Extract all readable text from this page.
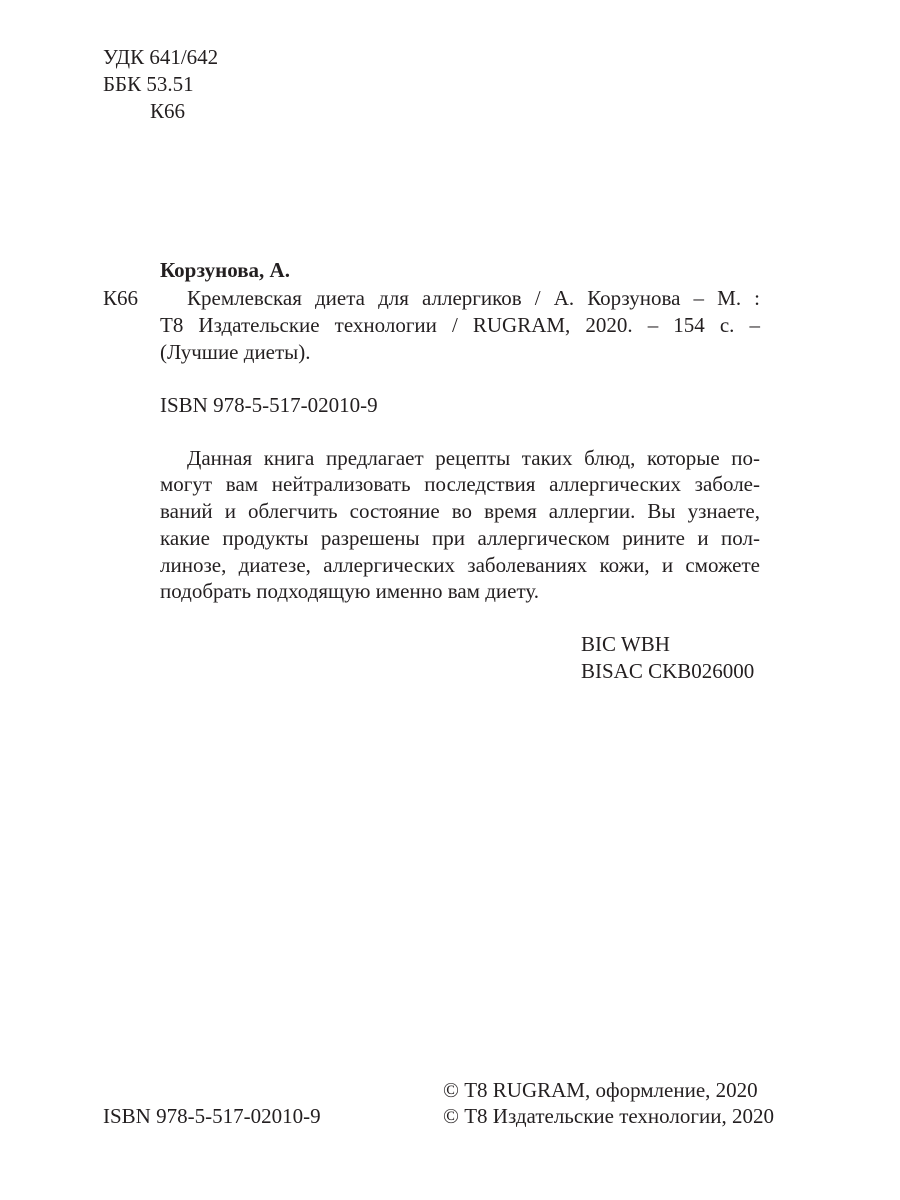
УДК 641/642
ББК 53.51
К66
Корзунова, А.
К66 Кремлевская диета для аллергиков / А. Корзунова – М. :
Т8 Издательские технологии / RUGRAM, 2020. – 154 с. –
(Лучшие диеты).
ISBN 978-5-517-02010-9
Данная книга предлагает рецепты таких блюд, которые по-
могут вам нейтрализовать последствия аллергических заболе-
ваний и облегчить состояние во время аллергии. Вы узнаете,
какие продукты разрешены при аллергическом рините и пол-
линозе, диатезе, аллергических заболеваниях кожи, и сможете
подобрать подходящую именно вам диету.
BIC WBH
BISAC CKB026000
© Т8 RUGRAM, оформление, 2020
ISBN 978-5-517-02010-9	© Т8 Издательские технологии, 2020
